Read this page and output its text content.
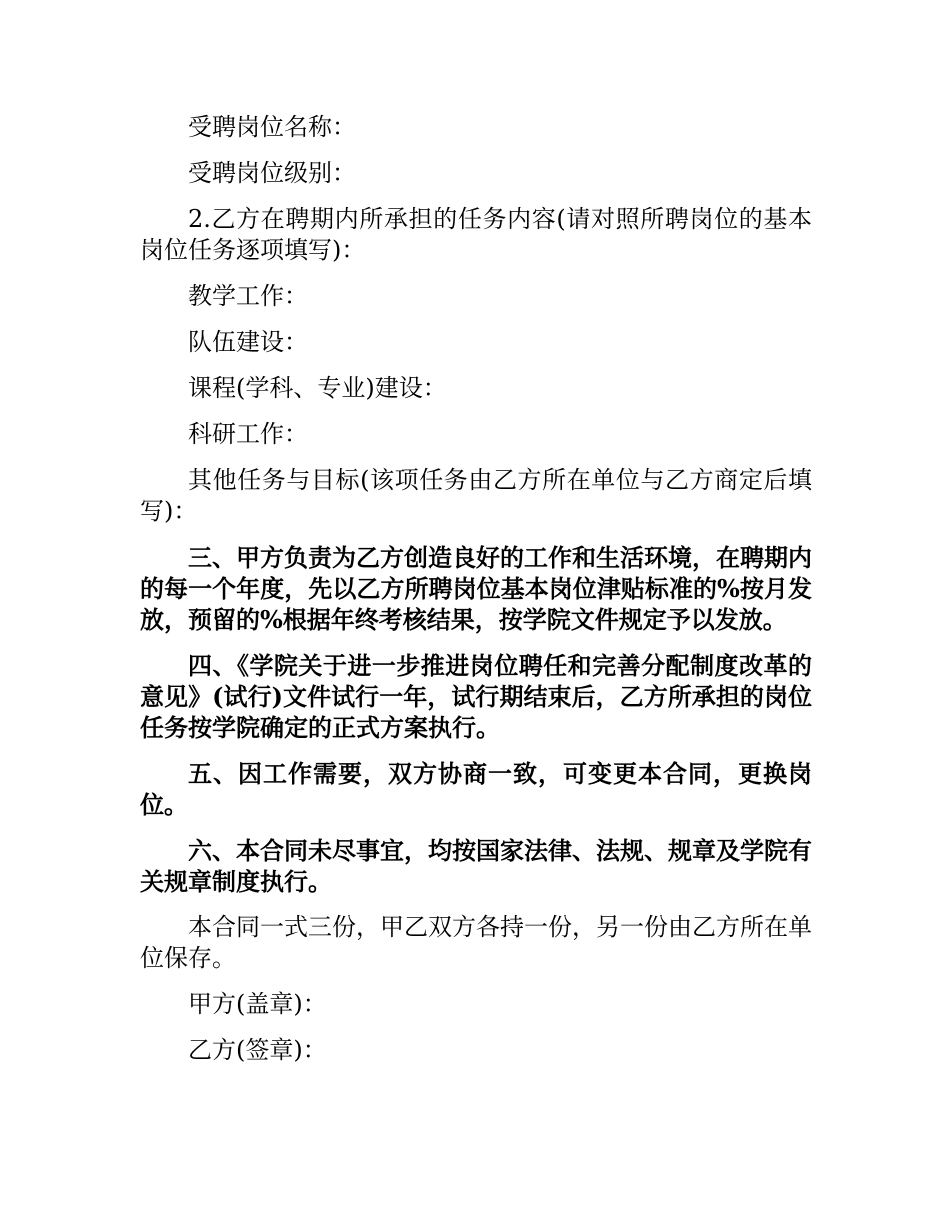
受聘岗位名称：

受聘岗位级别：

2.乙方在聘期内所承担的任务内容(请对照所聘岗位的基本岗位任务逐项填写)：

教学工作：

队伍建设：

课程(学科、专业)建设：

科研工作：

其他任务与目标(该项任务由乙方所在单位与乙方商定后填写)：

三、甲方负责为乙方创造良好的工作和生活环境，在聘期内的每一个年度，先以乙方所聘岗位基本岗位津贴标准的%按月发放，预留的%根据年终考核结果，按学院文件规定予以发放。

四、《学院关于进一步推进岗位聘任和完善分配制度改革的意见》(试行)文件试行一年，试行期结束后，乙方所承担的岗位任务按学院确定的正式方案执行。

五、因工作需要，双方协商一致，可变更本合同，更换岗位。

六、本合同未尽事宜，均按国家法律、法规、规章及学院有关规章制度执行。

本合同一式三份，甲乙双方各持一份，另一份由乙方所在单位保存。

甲方(盖章)：

乙方(签章)：
